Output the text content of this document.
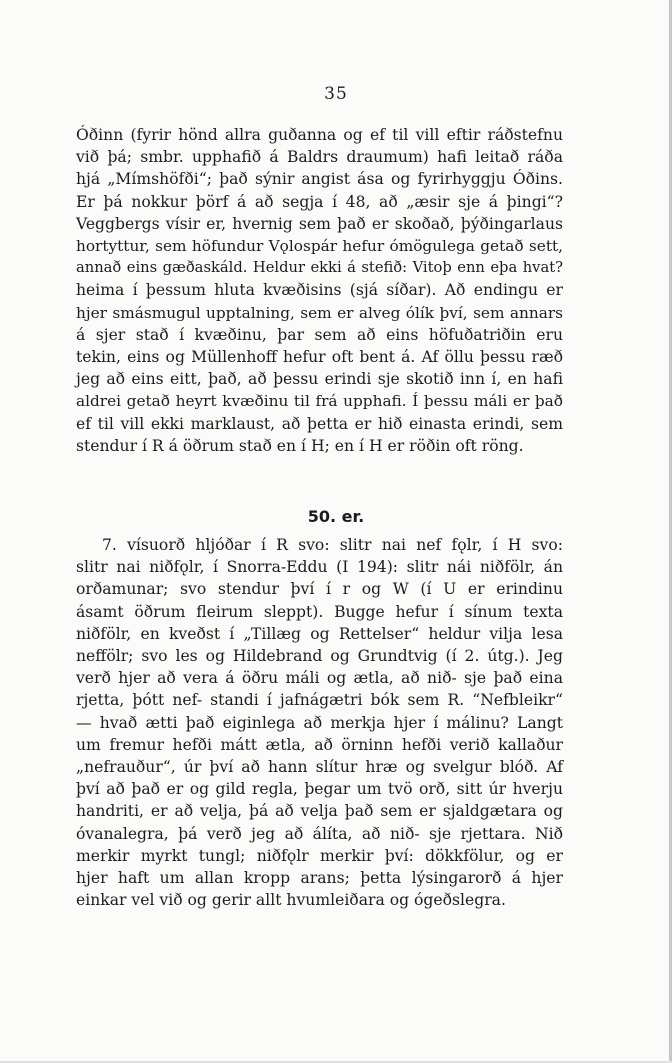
35
Óðinn (fyrir hönd allra guðanna og ef til vill eftir ráðstefnu
við þá; smbr. upphafið á Baldrs draumum) hafi leitað ráða
hjá „Mímshöfði“; það sýnir angist ása og fyrirhyggju Óðins.
Er þá nokkur þörf á að segja í 48, að „æsir sje á þingi“?
Veggbergs vísir er, hvernig sem það er skoðað, þýðingarlaus
hortyttur, sem höfundur Vǫlospár hefur ómögulega getað sett,
annað eins gæðaskáld. Heldur ekki á stefið: Vitoþ enn eþa hvat?
heima í þessum hluta kvæðisins (sjá síðar). Að endingu er
hjer smásmugul upptalning, sem er alveg ólík því, sem annars
á sjer stað í kvæðinu, þar sem að eins höfuðatriðin eru
tekin, eins og Müllenhoff hefur oft bent á. Af öllu þessu ræð
jeg að eins eitt, það, að þessu erindi sje skotið inn í, en hafi
aldrei getað heyrt kvæðinu til frá upphafi. Í þessu máli er það
ef til vill ekki marklaust, að þetta er hið einasta erindi, sem
stendur í R á öðrum stað en í H; en í H er röðin oft röng.
50. er.
7. vísuorð hljóðar í R svo: slitr nai nef fǫlr, í H svo:
slitr nai niðfǫlr, í Snorra-Eddu (I 194): slitr nái niðfölr, án
orðamunar; svo stendur því í r og W (í U er erindinu
ásamt öðrum fleirum sleppt). Bugge hefur í sínum texta
niðfölr, en kveðst í „Tillæg og Rettelser“ heldur vilja lesa
neffölr; svo les og Hildebrand og Grundtvig (í 2. útg.). Jeg
verð hjer að vera á öðru máli og ætla, að nið- sje það eina
rjetta, þótt nef- standi í jafnágætri bók sem R. “Nefbleikr“
— hvað ætti það eiginlega að merkja hjer í málinu? Langt
um fremur hefði mátt ætla, að örninn hefði verið kallaður
„nefrauður“, úr því að hann slítur hræ og svelgur blóð. Af
því að það er og gild regla, þegar um tvö orð, sitt úr hverju
handriti, er að velja, þá að velja það sem er sjaldgætara og
óvanalegra, þá verð jeg að álíta, að nið- sje rjettara. Nið
merkir myrkt tungl; niðfǫlr merkir því: dökkfölur, og er
hjer haft um allan kropp arans; þetta lýsingarorð á hjer
einkar vel við og gerir allt hvumleiðara og ógeðslegra.
